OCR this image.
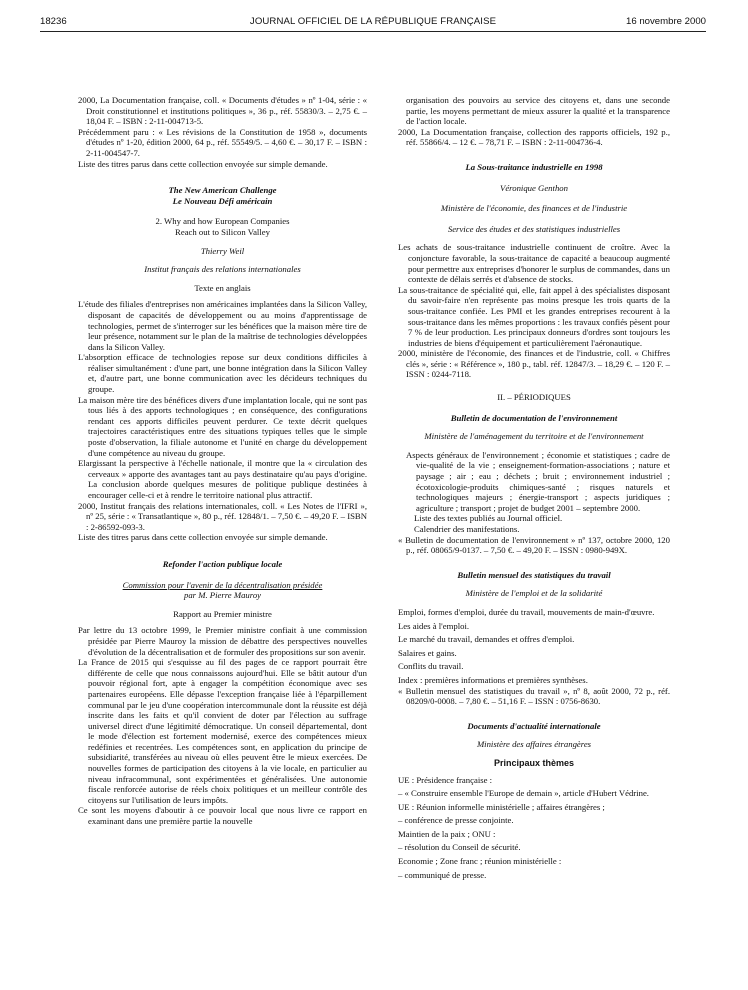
18236	JOURNAL OFFICIEL DE LA RÉPUBLIQUE FRANÇAISE	16 novembre 2000

2000, La Documentation française, coll. « Documents d'études » nº 1-04, série : « Droit constitutionnel et institutions politiques », 36 p., réf. 55830/3. – 2,75 €. – 18,04 F. – ISBN : 2-11-004713-5.

Précédemment paru : « Les révisions de la Constitution de 1958 », documents d'études nº 1-20, édition 2000, 64 p., réf. 55549/5. – 4,60 €. – 30,17 F. – ISBN : 2-11-004547-7.

Liste des titres parus dans cette collection envoyée sur simple demande.

The New American Challenge

Le Nouveau Défi américain

2. Why and how European Companies

Reach out to Silicon Valley

Thierry Weil

Institut français des relations internationales

Texte en anglais

L'étude des filiales d'entreprises non américaines implantées dans la Silicon Valley, disposant de capacités de développement ou au moins d'apprentissage de technologies, permet de s'interroger sur les bénéfices que la maison mère tire de leur présence, notamment sur le plan de la maîtrise de technologies développées dans la Silicon Valley.

L'absorption efficace de technologies repose sur deux conditions difficiles à réaliser simultanément : d'une part, une bonne intégration dans la Silicon Valley et, d'autre part, une bonne communication avec les décideurs techniques du groupe.

La maison mère tire des bénéfices divers d'une implantation locale, qui ne sont pas tous liés à des apports technologiques ; en conséquence, des configurations rendant ces apports difficiles peuvent perdurer. Ce texte décrit quelques trajectoires caractéristiques entre des situations typiques telles que le simple poste d'observation, la filiale autonome et l'unité en charge du développement d'une compétence au niveau du groupe.

Elargissant la perspective à l'échelle nationale, il montre que la « circulation des cerveaux » apporte des avantages tant au pays destinataire qu'au pays d'origine. La conclusion aborde quelques mesures de politique publique destinées à encourager celle-ci et à rendre le territoire national plus attractif.

2000, Institut français des relations internationales, coll. « Les Notes de l'IFRI », nº 25, série : « Transatlantique », 80 p., réf. 12848/1. – 7,50 €. – 49,20 F. – ISBN : 2-86592-093-3.

Liste des titres parus dans cette collection envoyée sur simple demande.

Refonder l'action publique locale

Commission pour l'avenir de la décentralisation présidée

par M. Pierre Mauroy

Rapport au Premier ministre

Par lettre du 13 octobre 1999, le Premier ministre confiait à une commission présidée par Pierre Mauroy la mission de débattre des perspectives nouvelles d'évolution de la décentralisation et de formuler des propositions sur son avenir.

La France de 2015 qui s'esquisse au fil des pages de ce rapport pourrait être différente de celle que nous connaissons aujourd'hui. Elle se bâtit autour d'un pouvoir régional fort, apte à engager la compétition économique avec ses partenaires européens. Elle dépasse l'exception française liée à l'éparpillement communal par le jeu d'une coopération intercommunale dont la réussite est déjà inscrite dans les faits et qu'il convient de doter par l'élection au suffrage universel direct d'une légitimité démocratique. Un conseil départemental, dont le mode d'élection est fortement modernisé, exerce des compétences mieux redéfinies et recentrées. Les compétences sont, en application du principe de subsidiarité, transférées au niveau où elles peuvent être le mieux exercées. De nouvelles formes de participation des citoyens à la vie locale, en particulier au niveau infracommunal, sont expérimentées et généralisées. Une autonomie fiscale renforcée autorise de réels choix politiques et un meilleur contrôle des citoyens sur l'utilisation de leurs impôts.

Ce sont les moyens d'aboutir à ce pouvoir local que nous livre ce rapport en examinant dans une première partie la nouvelle

organisation des pouvoirs au service des citoyens et, dans une seconde partie, les moyens permettant de mieux assurer la qualité et la transparence de l'action locale.

2000, La Documentation française, collection des rapports officiels, 192 p., réf. 55866/4. – 12 €. – 78,71 F. – ISBN : 2-11-004736-4.

La Sous-traitance industrielle en 1998

Véronique Genthon

Ministère de l'économie, des finances et de l'industrie

Service des études et des statistiques industrielles

Les achats de sous-traitance industrielle continuent de croître. Avec la conjoncture favorable, la sous-traitance de capacité a beaucoup augmenté pour permettre aux entreprises d'honorer le surplus de commandes, dans un contexte de délais serrés et d'absence de stocks.

La sous-traitance de spécialité qui, elle, fait appel à des spécialistes disposant du savoir-faire n'en représente pas moins presque les trois quarts de la sous-traitance confiée. Les PMI et les grandes entreprises recourent à la sous-traitance dans les mêmes proportions : les travaux confiés pèsent pour 7 % de leur production. Les principaux donneurs d'ordres sont toujours les industries de biens d'équipement et particulièrement l'aéronautique.

2000, ministère de l'économie, des finances et de l'industrie, coll. « Chiffres clés », série : « Référence », 180 p., tabl. réf. 12847/3. – 18,29 €. – 120 F. – ISSN : 0244-7118.

II. – PÉRIODIQUES

Bulletin de documentation de l'environnement

Ministère de l'aménagement du territoire et de l'environnement

Aspects généraux de l'environnement ; économie et statistiques ; cadre de vie-qualité de la vie ; enseignement-formation-associations ; nature et paysage ; air ; eau ; déchets ; bruit ; environnement industriel ; écotoxicologie-produits chimiques-santé ; risques naturels et technologiques majeurs ; énergie-transport ; aspects juridiques ; agriculture ; transport ; projet de budget 2001 – septembre 2000.

Liste des textes publiés au Journal officiel.

Calendrier des manifestations.

« Bulletin de documentation de l'environnement » nº 137, octobre 2000, 120 p., réf. 08065/9-0137. – 7,50 €. – 49,20 F. – ISSN : 0980-949X.

Bulletin mensuel des statistiques du travail

Ministère de l'emploi et de la solidarité

Emploi, formes d'emploi, durée du travail, mouvements de main-d'œuvre.

Les aides à l'emploi.

Le marché du travail, demandes et offres d'emploi.

Salaires et gains.

Conflits du travail.

Index : premières informations et premières synthèses.

« Bulletin mensuel des statistiques du travail », nº 8, août 2000, 72 p., réf. 08209/0-0008. – 7,80 €. – 51,16 F. – ISSN : 0756-8630.

Documents d'actualité internationale

Ministère des affaires étrangères

Principaux thèmes

UE : Présidence française :

– « Construire ensemble l'Europe de demain », article d'Hubert Védrine.

UE : Réunion informelle ministérielle ; affaires étrangères ;

– conférence de presse conjointe.

Maintien de la paix ; ONU :

– résolution du Conseil de sécurité.

Economie ; Zone franc ; réunion ministérielle :

– communiqué de presse.
